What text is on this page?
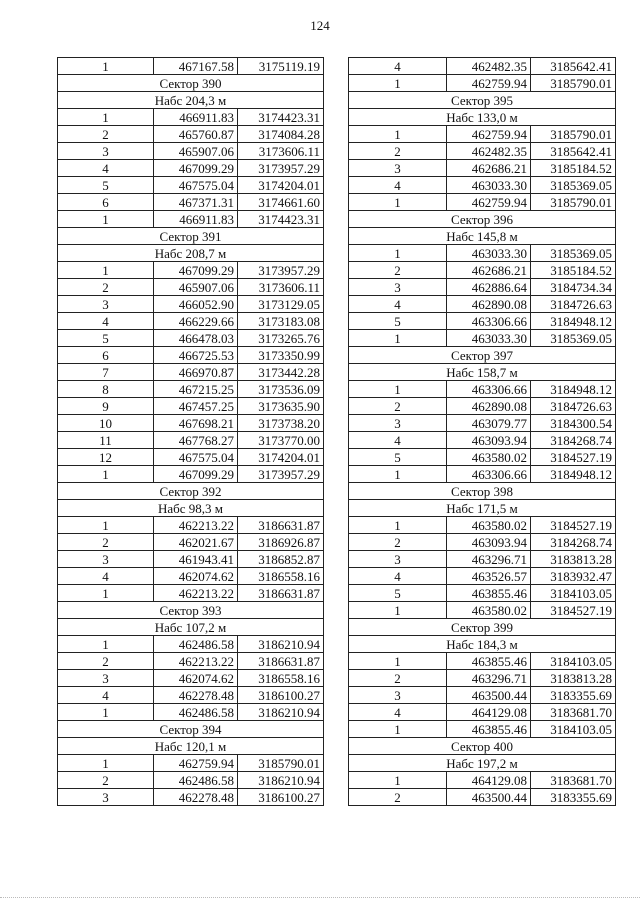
124
1	467167.58	3175119.19
Сектор 390		
Набс 204,3 м		
1	466911.83	3174423.31
2	465760.87	3174084.28
3	465907.06	3173606.11
4	467099.29	3173957.29
5	467575.04	3174204.01
6	467371.31	3174661.60
1	466911.83	3174423.31
Сектор 391		
Набс 208,7 м		
1	467099.29	3173957.29
2	465907.06	3173606.11
3	466052.90	3173129.05
4	466229.66	3173183.08
5	466478.03	3173265.76
6	466725.53	3173350.99
7	466970.87	3173442.28
8	467215.25	3173536.09
9	467457.25	3173635.90
10	467698.21	3173738.20
11	467768.27	3173770.00
12	467575.04	3174204.01
1	467099.29	3173957.29
Сектор 392		
Набс 98,3 м		
1	462213.22	3186631.87
2	462021.67	3186926.87
3	461943.41	3186852.87
4	462074.62	3186558.16
1	462213.22	3186631.87
Сектор 393		
Набс 107,2 м		
1	462486.58	3186210.94
2	462213.22	3186631.87
3	462074.62	3186558.16
4	462278.48	3186100.27
1	462486.58	3186210.94
Сектор 394		
Набс 120,1 м		
1	462759.94	3185790.01
2	462486.58	3186210.94
3	462278.48	3186100.27
4	462482.35	3185642.41
1	462759.94	3185790.01
Сектор 395		
Набс 133,0 м		
1	462759.94	3185790.01
2	462482.35	3185642.41
3	462686.21	3185184.52
4	463033.30	3185369.05
1	462759.94	3185790.01
Сектор 396		
Набс 145,8 м		
1	463033.30	3185369.05
2	462686.21	3185184.52
3	462886.64	3184734.34
4	462890.08	3184726.63
5	463306.66	3184948.12
1	463033.30	3185369.05
Сектор 397		
Набс 158,7 м		
1	463306.66	3184948.12
2	462890.08	3184726.63
3	463079.77	3184300.54
4	463093.94	3184268.74
5	463580.02	3184527.19
1	463306.66	3184948.12
Сектор 398		
Набс 171,5 м		
1	463580.02	3184527.19
2	463093.94	3184268.74
3	463296.71	3183813.28
4	463526.57	3183932.47
5	463855.46	3184103.05
1	463580.02	3184527.19
Сектор 399		
Набс 184,3 м		
1	463855.46	3184103.05
2	463296.71	3183813.28
3	463500.44	3183355.69
4	464129.08	3183681.70
1	463855.46	3184103.05
Сектор 400		
Набс 197,2 м		
1	464129.08	3183681.70
2	463500.44	3183355.69
